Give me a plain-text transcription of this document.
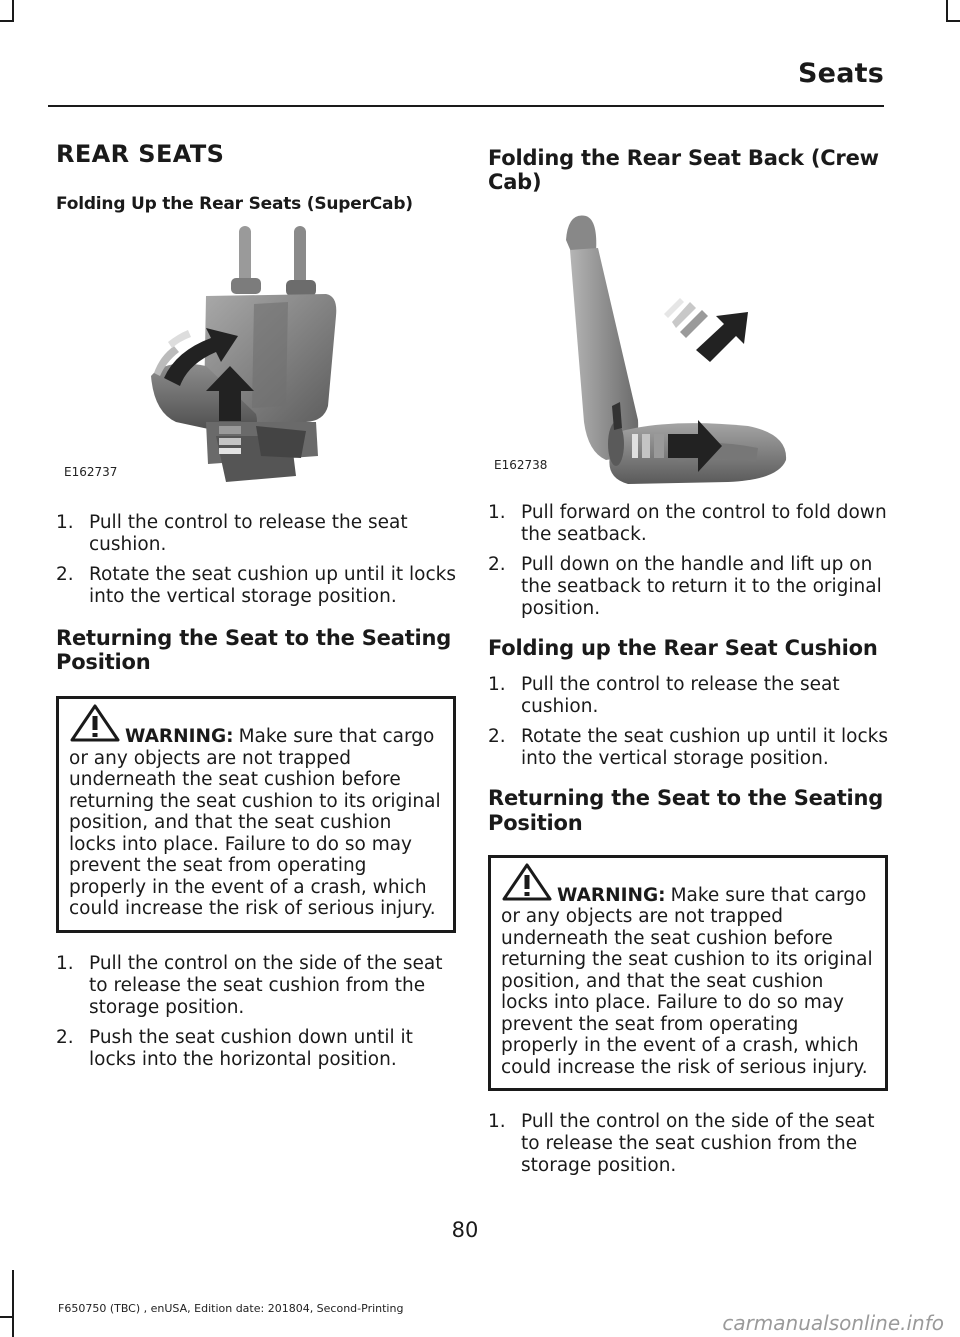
Seats
REAR SEATS
Folding Up the Rear Seats (SuperCab)
E162737
1. Pull the control to release the seat cushion.
2. Rotate the seat cushion up until it locks into the vertical storage position.
Returning the Seat to the Seating Position
WARNING: Make sure that cargo or any objects are not trapped underneath the seat cushion before returning the seat cushion to its original position, and that the seat cushion locks into place. Failure to do so may prevent the seat from operating properly in the event of a crash, which could increase the risk of serious injury.
1. Pull the control on the side of the seat to release the seat cushion from the storage position.
2. Push the seat cushion down until it locks into the horizontal position.
Folding the Rear Seat Back (Crew Cab)
E162738
1. Pull forward on the control to fold down the seatback.
2. Pull down on the handle and lift up on the seatback to return it to the original position.
Folding up the Rear Seat Cushion
1. Pull the control to release the seat cushion.
2. Rotate the seat cushion up until it locks into the vertical storage position.
Returning the Seat to the Seating Position
WARNING: Make sure that cargo or any objects are not trapped underneath the seat cushion before returning the seat cushion to its original position, and that the seat cushion locks into place. Failure to do so may prevent the seat from operating properly in the event of a crash, which could increase the risk of serious injury.
1. Pull the control on the side of the seat to release the seat cushion from the storage position.
80
F650750 (TBC) , enUSA, Edition date: 201804, Second-Printing
carmanualsonline.info
